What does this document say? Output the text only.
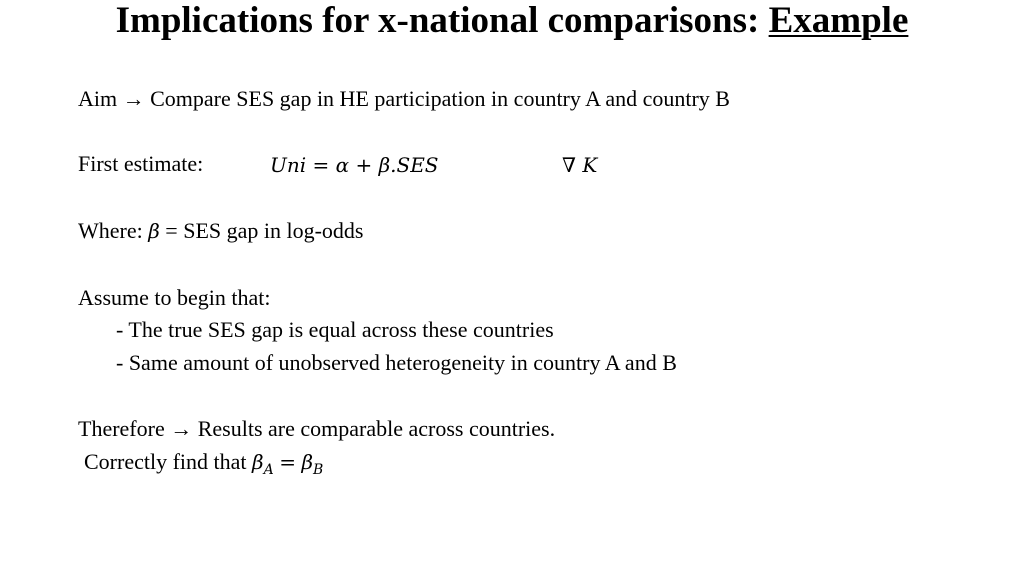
Implications for x-national comparisons: Example
Aim → Compare SES gap in HE participation in country A and country B
First estimate:	Uni = α + β.SES	∇ K
Where: β = SES gap in log-odds
Assume to begin that:
- The true SES gap is equal across these countries
- Same amount of unobserved heterogeneity in country A and B
Therefore → Results are comparable across countries.
Correctly find that $\beta_A = \beta_B$
